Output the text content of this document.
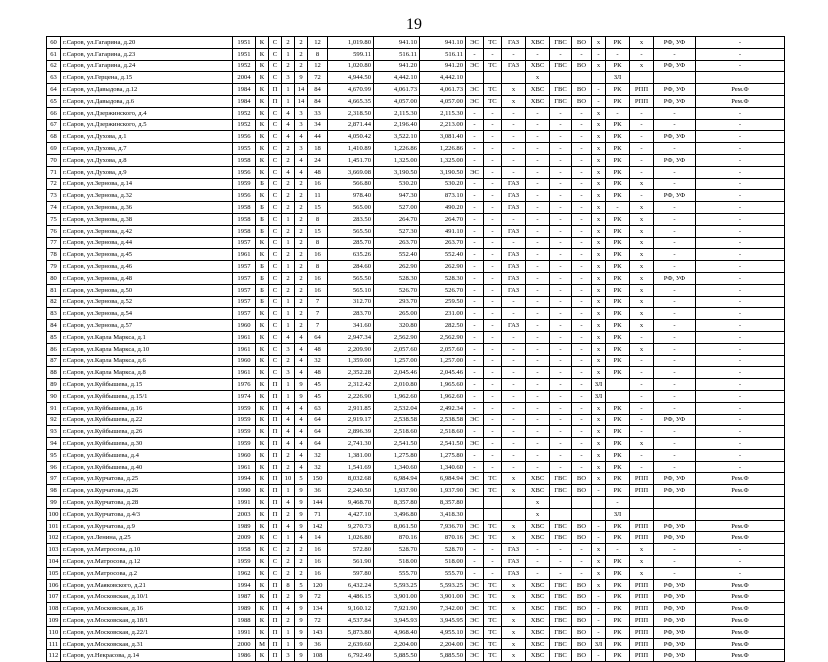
19
60	г.Саров, ул.Гагарина, д.20	1951	К	С	2	2	12	1,019.80	941.10	941.10	ЭС	ТС	ГАЗ	ХВС	ГВС	ВО	х	РК	х	РФ, УФ	-
61	г.Саров, ул.Гагарина, д.23	1951	К	С	1	2	8	599.11	516.11	516.11	-	-	-	-	-	-	-	-	-	-	-
62	г.Саров, ул.Гагарина, д.24	1952	К	С	2	2	12	1,020.80	941.20	941.20	ЭС	ТС	ГАЗ	ХВС	ГВС	ВО	х	РК	х	РФ, УФ	-
63	г.Саров, ул.Герцена, д.15	2004	К	С	3	9	72	4,944.50	4,442.10	4,442.10				х				ЗЛ			
64	г.Саров, ул.Давыдова, д.12	1984	К	П	1	14	84	4,670.99	4,061.73	4,061.73	ЭС	ТС	х	ХВС	ГВС	ВО	-	РК	РПП	РФ, УФ	Рем.Ф
65	г.Саров, ул.Давыдова, д.6	1984	К	П	1	14	84	4,665.35	4,057.00	4,057.00	ЭС	ТС	х	ХВС	ГВС	ВО	-	РК	РПП	РФ, УФ	Рем.Ф
66	г.Саров, ул.Дзержинского, д.4	1952	К	С	4	3	33	2,318.50	2,115.30	2,115.30	-	-	-	-	-	-	х	-	-	-	-
67	г.Саров, ул.Дзержинского, д.5	1952	К	С	4	3	34	2,871.44	2,196.40	2,213.00	-	-	-	-	-	-	х	РК	-	-	-
68	г.Саров, ул.Духова, д.1	1956	К	С	4	4	44	4,050.42	3,522.10	3,081.40	-	-	-	-	-	-	х	РК	-	РФ, УФ	-
69	г.Саров, ул.Духова, д.7	1955	К	С	2	3	18	1,410.89	1,226.86	1,226.86	-	-	-	-	-	-	х	РК	-	-	-
70	г.Саров, ул.Духова, д.8	1958	К	С	2	4	24	1,451.70	1,325.00	1,325.00	-	-	-	-	-	-	х	РК	-	РФ, УФ	-
71	г.Саров, ул.Духова, д.9	1956	К	С	4	4	48	3,669.08	3,190.50	3,190.50	ЭС	-	-	-	-	-	х	РК	-	-	-
72	г.Саров, ул.Зернова, д.14	1959	Б	С	2	2	16	566.80	530.20	530.20	-	-	ГАЗ	-	-	-	х	РК	х	-	-
73	г.Саров, ул.Зернова, д.32	1956	К	С	2	2	11	978.40	947.30	873.10	-	-	ГАЗ	-	-	-	х	РК	-	РФ, УФ	-
74	г.Саров, ул.Зернова, д.36	1958	Б	С	2	2	15	565.00	527.00	490.20	-	-	ГАЗ	-	-	-	х	-	х	-	-
75	г.Саров, ул.Зернова, д.38	1958	Б	С	1	2	8	283.50	264.70	264.70	-	-	-	-	-	-	х	РК	х	-	-
76	г.Саров, ул.Зернова, д.42	1958	Б	С	2	2	15	565.50	527.30	491.10	-	-	ГАЗ	-	-	-	х	РК	х	-	-
77	г.Саров, ул.Зернова, д.44	1957	К	С	1	2	8	285.70	263.70	263.70	-	-	-	-	-	-	х	РК	х	-	-
78	г.Саров, ул.Зернова, д.45	1961	К	С	2	2	16	635.26	552.40	552.40	-	-	ГАЗ	-	-	-	х	РК	х	-	-
79	г.Саров, ул.Зернова, д.46	1957	Б	С	1	2	8	284.60	262.90	262.90	-	-	ГАЗ	-	-	-	х	РК	х	-	-
80	г.Саров, ул.Зернова, д.48	1957	Б	С	2	2	16	565.50	528.30	528.30	-	-	ГАЗ	-	-	-	х	РК	х	РФ, УФ	-
81	г.Саров, ул.Зернова, д.50	1957	Б	С	2	2	16	565.10	526.70	526.70	-	-	ГАЗ	-	-	-	х	РК	х	-	-
82	г.Саров, ул.Зернова, д.52	1957	Б	С	1	2	7	312.70	293.70	259.50	-	-	-	-	-	-	х	РК	х	-	-
83	г.Саров, ул.Зернова, д.54	1957	К	С	1	2	7	283.70	265.00	231.00	-	-	-	-	-	-	х	РК	х	-	-
84	г.Саров, ул.Зернова, д.57	1960	К	С	1	2	7	341.60	320.80	282.50	-	-	ГАЗ	-	-	-	х	РК	х	-	-
85	г.Саров, ул.Карла Маркса, д.1	1961	К	С	4	4	64	2,947.34	2,562.90	2,562.90	-	-	-	-	-	-	х	РК	-	-	-
86	г.Саров, ул.Карла Маркса, д.10	1961	К	С	3	4	48	2,209.90	2,057.60	2,057.60	-	-	-	-	-	-	х	РК	х	-	-
87	г.Саров, ул.Карла Маркса, д.6	1960	К	С	2	4	32	1,359.00	1,257.00	1,257.00	-	-	-	-	-	-	х	РК	-	-	-
88	г.Саров, ул.Карла Маркса, д.8	1961	К	С	3	4	48	2,352.28	2,045.46	2,045.46	-	-	-	-	-	-	х	РК	-	-	-
89	г.Саров, ул.Куйбышева, д.15	1976	К	П	1	9	45	2,312.42	2,010.80	1,965.60	-	-	-	-	-	-	ЗЛ		-	-	-
90	г.Саров, ул.Куйбышева, д.15/1	1974	К	П	1	9	45	2,226.90	1,962.60	1,962.60	-	-	-	-	-	-	ЗЛ		-	-	-
91	г.Саров, ул.Куйбышева, д.16	1959	К	П	4	4	63	2,911.85	2,532.04	2,492.34	-	-	-	-	-	-	х	РК	-	-	-
92	г.Саров, ул.Куйбышева, д.22	1959	К	П	4	4	64	2,919.17	2,538.58	2,538.58	ЭС	-	-	-	-	-	х	РК	-	РФ, УФ	-
93	г.Саров, ул.Куйбышева, д.26	1959	К	П	4	4	64	2,896.39	2,518.60	2,518.60	-	-	-	-	-	-	х	РК	-	-	-
94	г.Саров, ул.Куйбышева, д.30	1959	К	П	4	4	64	2,741.30	2,541.50	2,541.50	ЭС	-	-	-	-	-	х	РК	х	-	-
95	г.Саров, ул.Куйбышева, д.4	1960	К	П	2	4	32	1,381.00	1,275.80	1,275.80	-	-	-	-	-	-	х	РК	-	-	-
96	г.Саров, ул.Куйбышева, д.40	1961	К	П	2	4	32	1,541.69	1,340.60	1,340.60	-	-	-	-	-	-	х	РК	-	-	-
97	г.Саров, ул.Курчатова, д.25	1994	К	П	10	5	150	8,032.68	6,984.94	6,984.94	ЭС	ТС	х	ХВС	ГВС	ВО	х	РК	РПП	РФ, УФ	Рем.Ф
98	г.Саров, ул.Курчатова, д.26	1990	К	П	1	9	36	2,240.50	1,937.90	1,937.90	ЭС	ТС	х	ХВС	ГВС	ВО	-	РК	РПП	РФ, УФ	Рем.Ф
99	г.Саров, ул.Курчатова, д.28	1991	К	П	4	9	144	9,468.70	8,357.80	8,357.80				х				-			
100	г.Саров, ул.Курчатова, д.4/3	2003	К	П	2	9	71	4,427.10	3,496.80	3,418.30				х				ЗЛ			
101	г.Саров, ул.Курчатова, д.9	1989	К	П	4	9	142	9,270.73	8,061.50	7,936.70	ЭС	ТС	х	ХВС	ГВС	ВО	-	РК	РПП	РФ, УФ	Рем.Ф
102	г.Саров, ул.Ленина, д.25	2009	К	С	1	4	14	1,026.80	870.16	870.16	ЭС	ТС	х	ХВС	ГВС	ВО	-	РК	РПП	РФ, УФ	Рем.Ф
103	г.Саров, ул.Матросова, д.10	1958	К	С	2	2	16	572.80	528.70	528.70	-	-	ГАЗ	-	-	-	х	-	х	-	-
104	г.Саров, ул.Матросова, д.12	1959	К	С	2	2	16	561.90	518.00	518.00	-	-	ГАЗ	-	-	-	х	РК	х	-	-
105	г.Саров, ул.Матросова, д.2	1962	К	С	2	2	16	597.80	555.70	555.70	-	-	ГАЗ	-	-	-	х	РК	х	-	-
106	г.Саров, ул.Маяковского, д.21	1994	К	П	8	5	120	6,432.24	5,593.25	5,593.25	ЭС	ТС	х	ХВС	ГВС	ВО	х	РК	РПП	РФ, УФ	Рем.Ф
107	г.Саров, ул.Московская, д.10/1	1987	К	П	2	9	72	4,486.15	3,901.00	3,901.00	ЭС	ТС	х	ХВС	ГВС	ВО	-	РК	РПП	РФ, УФ	Рем.Ф
108	г.Саров, ул.Московская, д.16	1989	К	П	4	9	134	9,160.12	7,921.90	7,342.00	ЭС	ТС	х	ХВС	ГВС	ВО	-	РК	РПП	РФ, УФ	Рем.Ф
109	г.Саров, ул.Московская, д.18/1	1988	К	П	2	9	72	4,537.84	3,945.93	3,945.95	ЭС	ТС	х	ХВС	ГВС	ВО	-	РК	РПП	РФ, УФ	Рем.Ф
110	г.Саров, ул.Московская, д.22/1	1991	К	П	1	9	143	5,873.80	4,968.40	4,955.10	ЭС	ТС	х	ХВС	ГВС	ВО	-	РК	РПП	РФ, УФ	Рем.Ф
111	г.Саров, ул.Московская, д.31	2000	М	П	1	9	36	2,639.60	2,204.00	2,204.00	ЭС	ТС	х	ХВС	ГВС	ВО	ЗЛ	РК	РПП	РФ, УФ	Рем.Ф
112	г.Саров, ул.Некрасова, д.14	1986	К	П	3	9	108	6,792.49	5,885.50	5,885.50	ЭС	ТС	х	ХВС	ГВС	ВО	-	РК	РПП	РФ, УФ	Рем.Ф
